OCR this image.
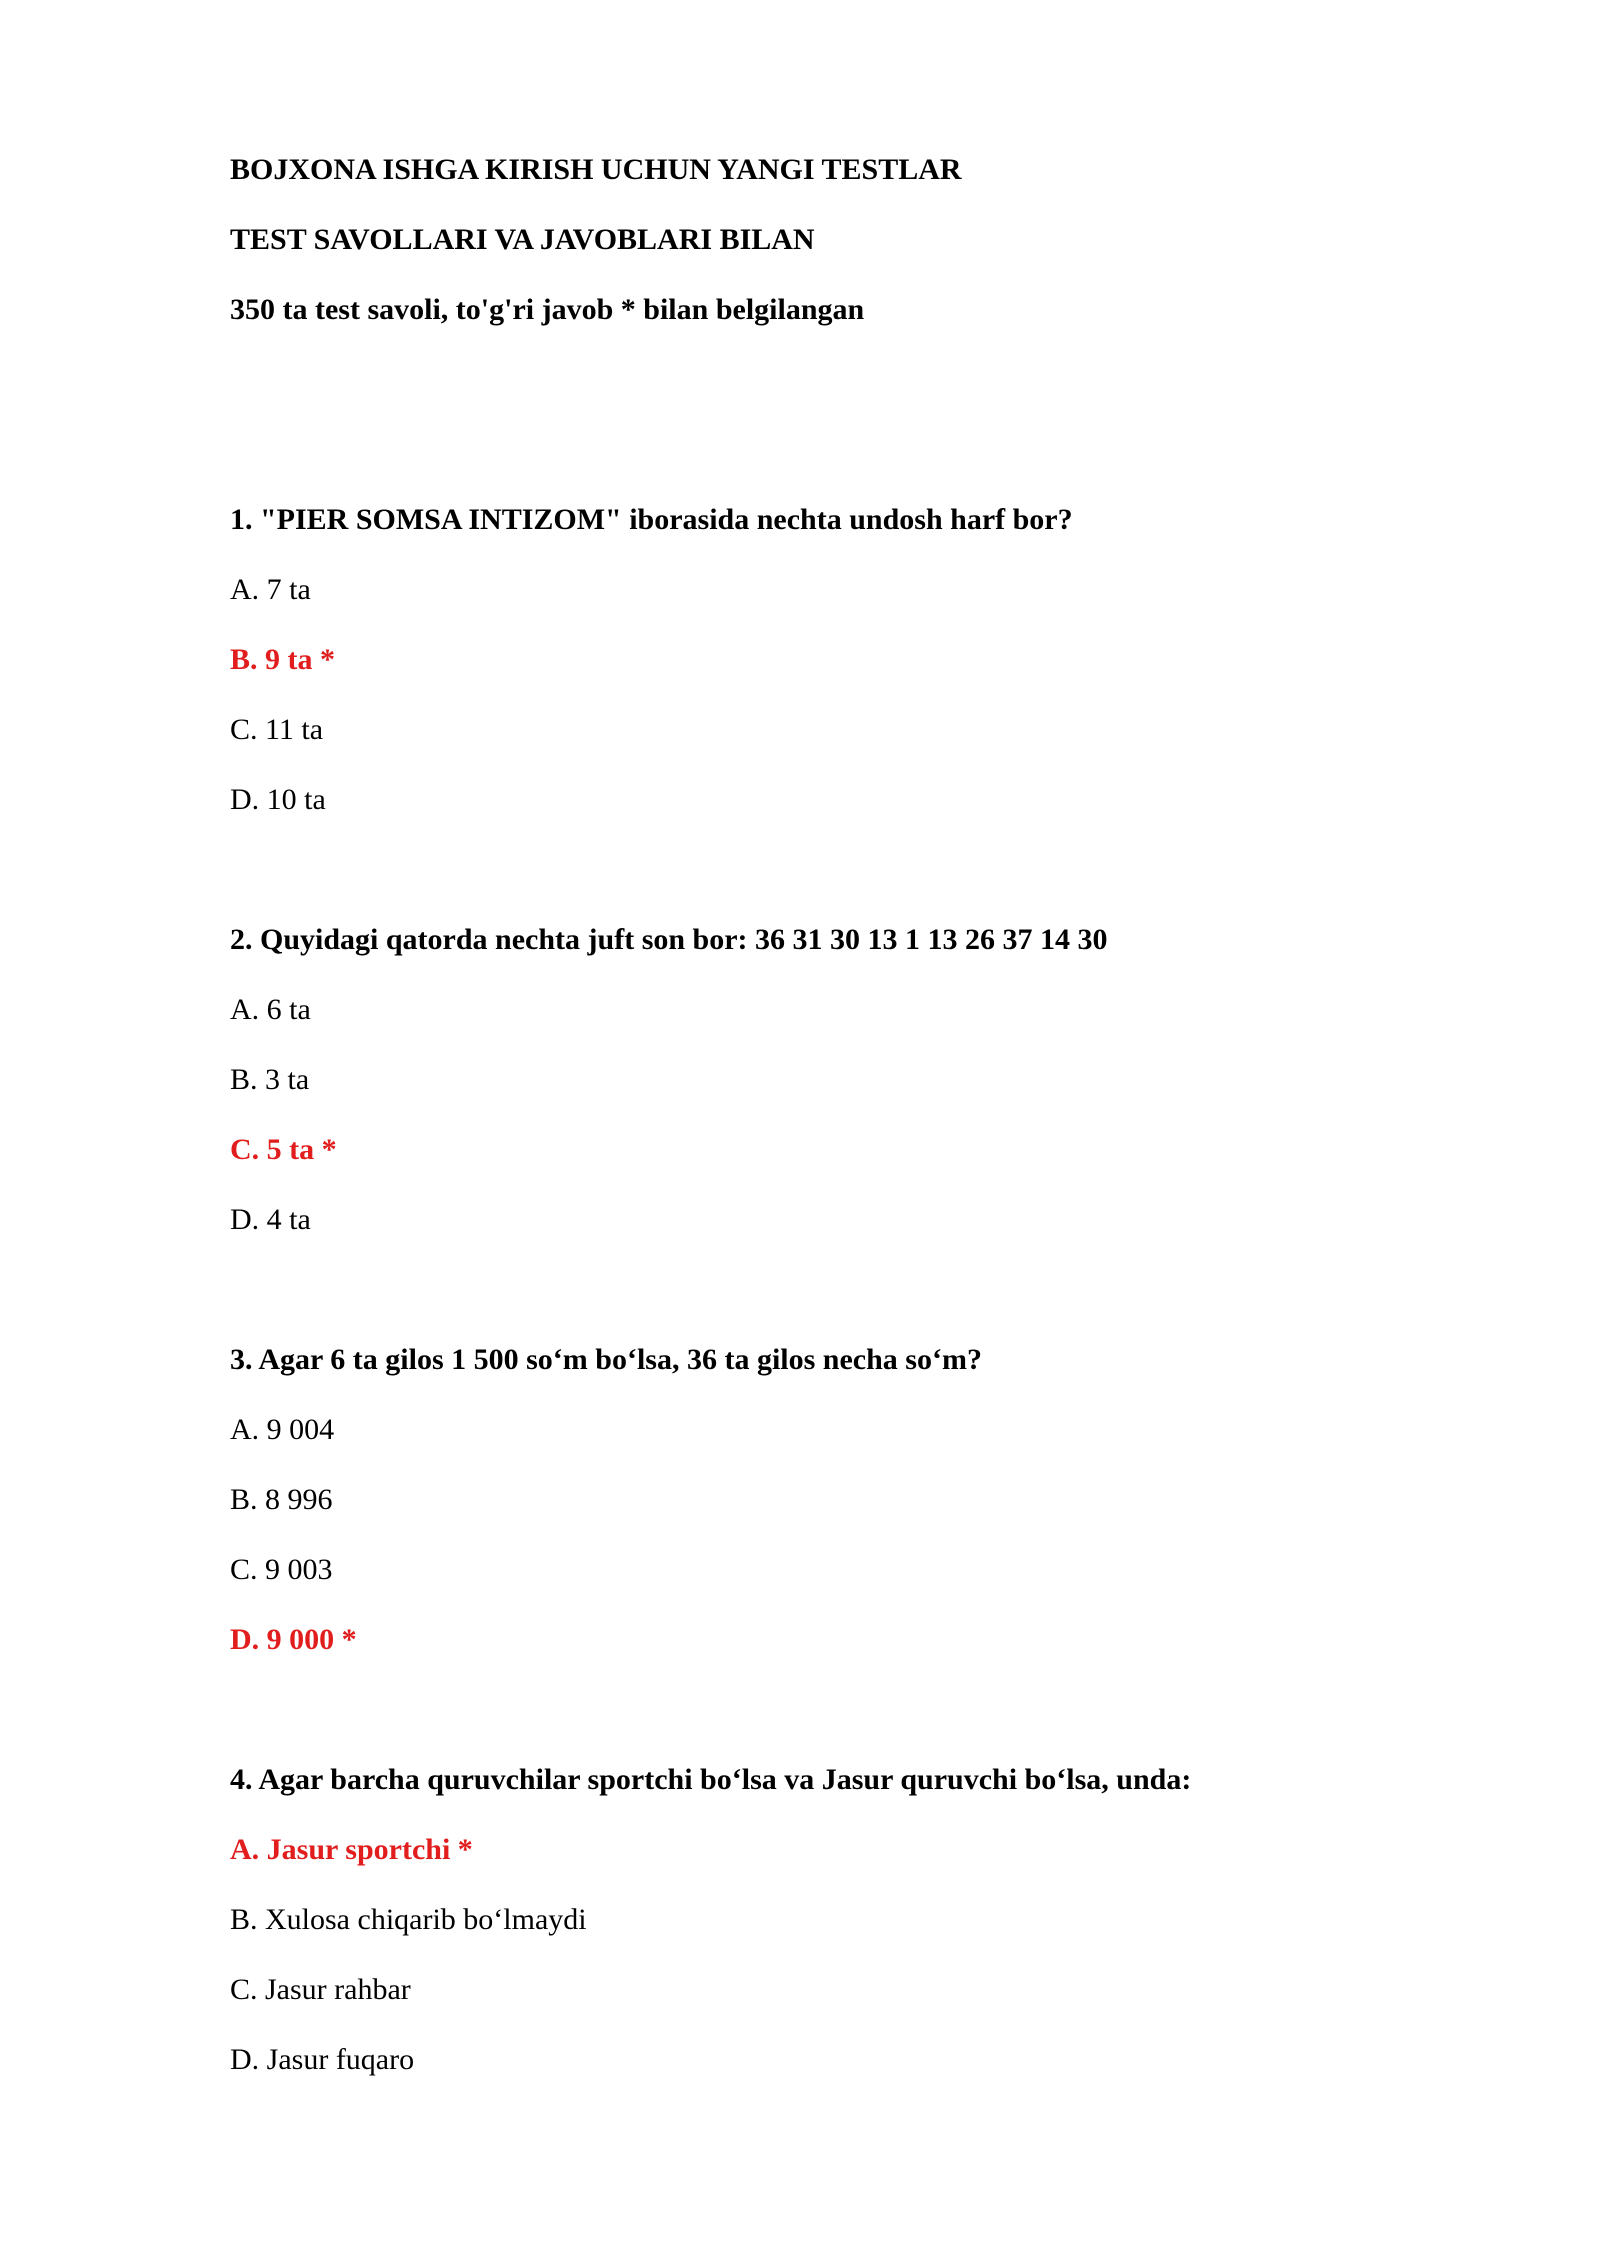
BOJXONA ISHGA KIRISH UCHUN YANGI TESTLAR
TEST SAVOLLARI VA JAVOBLARI BILAN
350 ta test savoli, to'g'ri javob * bilan belgilangan
1. "PIER SOMSA INTIZOM" iborasida nechta undosh harf bor?
A. 7 ta
B. 9 ta *
C. 11 ta
D. 10 ta
2. Quyidagi qatorda nechta juft son bor: 36 31 30 13 1 13 26 37 14 30
A. 6 ta
B. 3 ta
C. 5 ta *
D. 4 ta
3. Agar 6 ta gilos 1 500 so‘m bo‘lsa, 36 ta gilos necha so‘m?
A. 9 004
B. 8 996
C. 9 003
D. 9 000 *
4. Agar barcha quruvchilar sportchi bo‘lsa va Jasur quruvchi bo‘lsa, unda:
A. Jasur sportchi *
B. Xulosa chiqarib bo‘lmaydi
C. Jasur rahbar
D. Jasur fuqaro
